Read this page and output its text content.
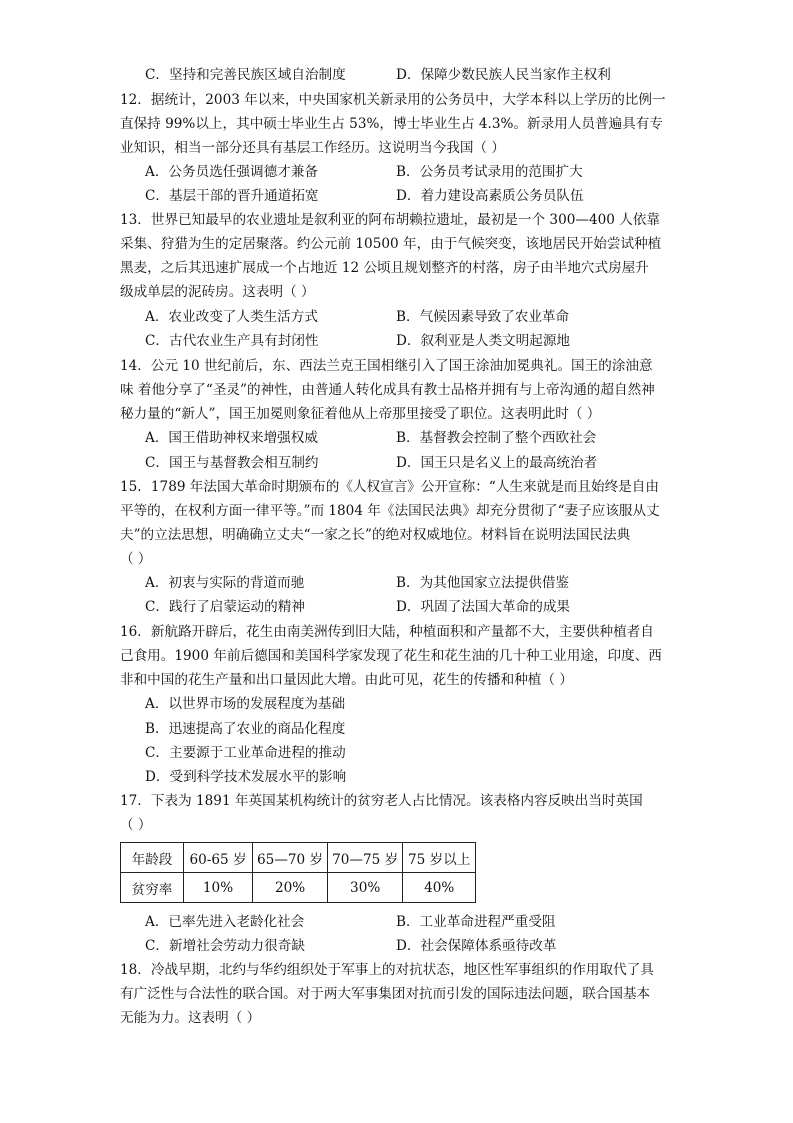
C．坚持和完善民族区域自治制度	D．保障少数民族人民当家作主权利
12．据统计，2003 年以来，中央国家机关新录用的公务员中，大学本科以上学历的比例一
直保持 99%以上，其中硕士毕业生占 53%，博士毕业生占 4.3%。新录用人员普遍具有专
业知识，相当一部分还具有基层工作经历。这说明当今我国（ ）
A．公务员选任强调德才兼备	B．公务员考试录用的范围扩大
C．基层干部的晋升通道拓宽	D．着力建设高素质公务员队伍
13．世界已知最早的农业遗址是叙利亚的阿布胡赖拉遗址，最初是一个 300—400 人依靠
采集、狩猎为生的定居聚落。约公元前 10500 年，由于气候突变，该地居民开始尝试种植
黑麦，之后其迅速扩展成一个占地近 12 公顷且规划整齐的村落，房子由半地穴式房屋升
级成单层的泥砖房。这表明（ ）
A．农业改变了人类生活方式	B．气候因素导致了农业革命
C．古代农业生产具有封闭性	D．叙利亚是人类文明起源地
14．公元 10 世纪前后，东、西法兰克王国相继引入了国王涂油加冕典礼。国王的涂油意
味 着他分享了“圣灵”的神性，由普通人转化成具有教士品格并拥有与上帝沟通的超自然神
秘力量的“新人”，国王加冕则象征着他从上帝那里接受了职位。这表明此时（ ）
A．国王借助神权来增强权威	B．基督教会控制了整个西欧社会
C．国王与基督教会相互制约	D．国王只是名义上的最高统治者
15．1789 年法国大革命时期颁布的《人权宣言》公开宣称：“人生来就是而且始终是自由
平等的，在权利方面一律平等。”而 1804 年《法国民法典》却充分贯彻了“妻子应该服从丈
夫”的立法思想，明确确立丈夫“一家之长”的绝对权威地位。材料旨在说明法国民法典
（ ）
A．初衷与实际的背道而驰	B．为其他国家立法提供借鉴
C．践行了启蒙运动的精神	D．巩固了法国大革命的成果
16．新航路开辟后，花生由南美洲传到旧大陆，种植面积和产量都不大，主要供种植者自
己食用。1900 年前后德国和美国科学家发现了花生和花生油的几十种工业用途，印度、西
非和中国的花生产量和出口量因此大增。由此可见，花生的传播和种植（ ）
A．以世界市场的发展程度为基础
B．迅速提高了农业的商品化程度
C．主要源于工业革命进程的推动
D．受到科学技术发展水平的影响
17．下表为 1891 年英国某机构统计的贫穷老人占比情况。该表格内容反映出当时英国
（ ）
年龄段	60-65 岁	65—70 岁	70—75 岁	75 岁以上
贫穷率	10%	20%	30%	40%
A．已率先进入老龄化社会	B．工业革命进程严重受阻
C．新增社会劳动力很奇缺	D．社会保障体系亟待改革
18．冷战早期，北约与华约组织处于军事上的对抗状态，地区性军事组织的作用取代了具
有广泛性与合法性的联合国。对于两大军事集团对抗而引发的国际违法问题，联合国基本
无能为力。这表明（ ）
